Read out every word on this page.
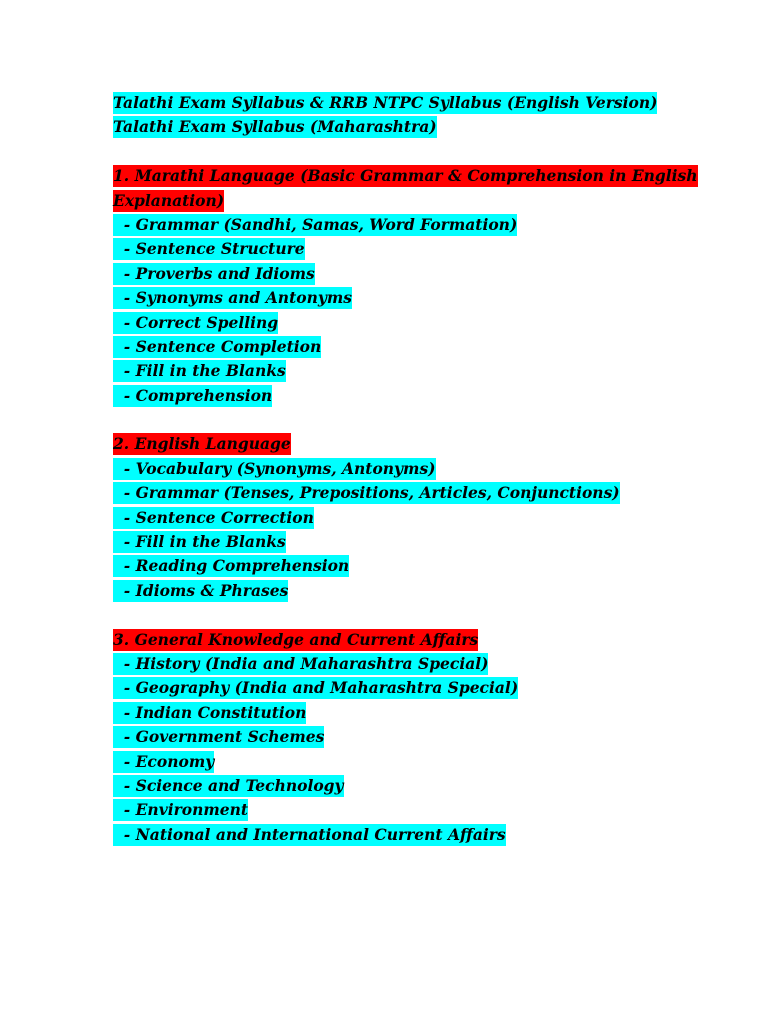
Talathi Exam Syllabus & RRB NTPC Syllabus (English Version)
Talathi Exam Syllabus (Maharashtra)
1. Marathi Language (Basic Grammar & Comprehension in English
Explanation)
- Grammar (Sandhi, Samas, Word Formation)
- Sentence Structure
- Proverbs and Idioms
- Synonyms and Antonyms
- Correct Spelling
- Sentence Completion
- Fill in the Blanks
- Comprehension
2. English Language
- Vocabulary (Synonyms, Antonyms)
- Grammar (Tenses, Prepositions, Articles, Conjunctions)
- Sentence Correction
- Fill in the Blanks
- Reading Comprehension
- Idioms & Phrases
3. General Knowledge and Current Affairs
- History (India and Maharashtra Special)
- Geography (India and Maharashtra Special)
- Indian Constitution
- Government Schemes
- Economy
- Science and Technology
- Environment
- National and International Current Affairs
